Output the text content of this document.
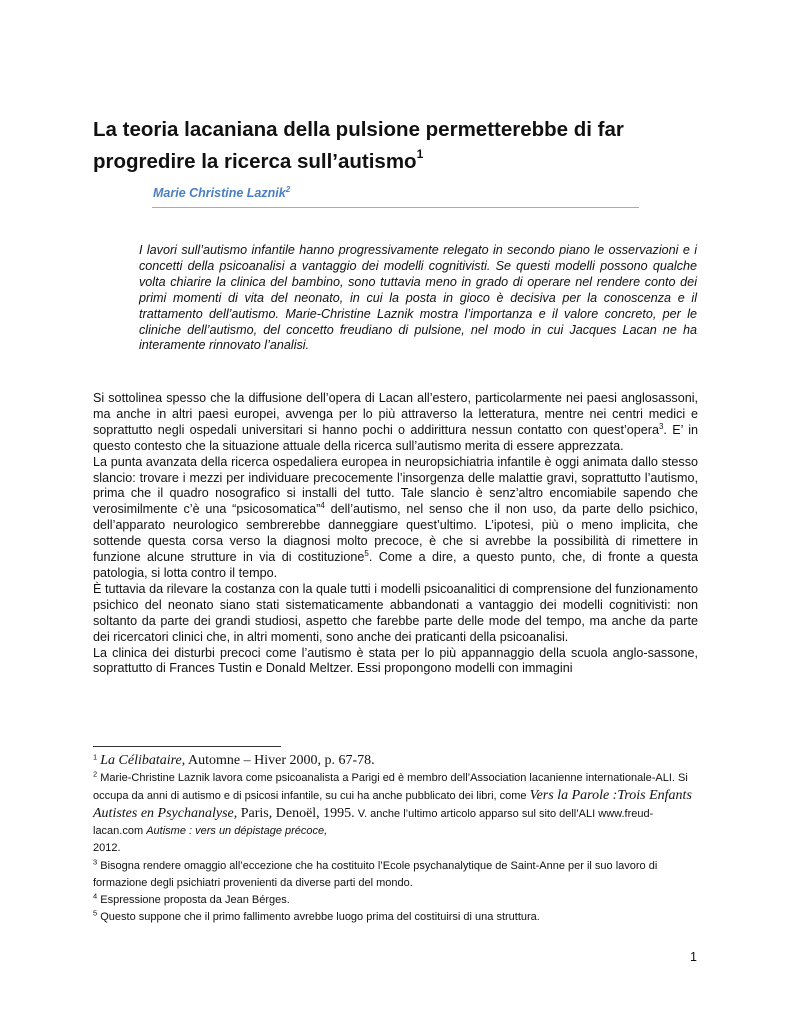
La teoria lacaniana della pulsione permetterebbe di far
progredire la ricerca sull’autismo$^1$
Marie Christine Laznik$^2$

I lavori sull’autismo infantile hanno progressivamente relegato in secondo piano le osservazioni e i concetti della psicoanalisi a vantaggio dei modelli cognitivisti. Se questi modelli possono qualche volta chiarire la clinica del bambino, sono tuttavia meno in grado di operare nel rendere conto dei primi momenti di vita del neonato, in cui la posta in gioco è decisiva per la conoscenza e il trattamento dell’autismo. Marie-Christine Laznik mostra l’importanza e il valore concreto, per le cliniche dell’autismo, del concetto freudiano di pulsione, nel modo in cui Jacques Lacan ne ha interamente rinnovato l’analisi.

Si sottolinea spesso che la diffusione dell’opera di Lacan all’estero, particolarmente nei paesi anglosassoni, ma anche in altri paesi europei, avvenga per lo più attraverso la letteratura, mentre nei centri medici e soprattutto negli ospedali universitari si hanno pochi o addirittura nessun contatto con quest’opera$^3$. E’ in questo contesto che la situazione attuale della ricerca sull’autismo merita di essere apprezzata.

La punta avanzata della ricerca ospedaliera europea in neuropsichiatria infantile è oggi animata dallo stesso slancio: trovare i mezzi per individuare precocemente l’insorgenza delle malattie gravi, soprattutto l’autismo, prima che il quadro nosografico si installi del tutto. Tale slancio è senz’altro encomiabile sapendo che verosimilmente c’è una “psicosomatica”$^4$ dell’autismo, nel senso che il non uso, da parte dello psichico, dell’apparato neurologico sembrerebbe danneggiare quest’ultimo. L’ipotesi, più o meno implicita, che sottende questa corsa verso la diagnosi molto precoce, è che si avrebbe la possibilità di rimettere in funzione alcune strutture in via di costituzione$^5$. Come a dire, a questo punto, che, di fronte a questa patologia, si lotta contro il tempo.

È tuttavia da rilevare la costanza con la quale tutti i modelli psicoanalitici di comprensione del funzionamento psichico del neonato siano stati sistematicamente abbandonati a vantaggio dei modelli cognitivisti: non soltanto da parte dei grandi studiosi, aspetto che farebbe parte delle mode del tempo, ma anche da parte dei ricercatori clinici che, in altri momenti, sono anche dei praticanti della psicoanalisi.

La clinica dei disturbi precoci come l’autismo è stata per lo più appannaggio della scuola anglo-sassone, soprattutto di Frances Tustin e Donald Meltzer. Essi propongono modelli con immagini

$^1$ La Célibataire, Automne – Hiver 2000, p. 67-78.

$^2$ Marie-Christine Laznik lavora come psicoanalista a Parigi ed è membro dell’Association lacanienne internationale-ALI. Si occupa da anni di autismo e di psicosi infantile, su cui ha anche pubblicato dei libri, come Vers la Parole :Trois Enfants Autistes en Psychanalyse, Paris, Denoël, 1995. V. anche l’ultimo articolo apparso sul sito dell’ALI www.freud-lacan.com Autisme : vers un dépistage précoce,
2012.

$^3$ Bisogna rendere omaggio all’eccezione che ha costituito l’Ecole psychanalytique de Saint-Anne per il suo lavoro di formazione degli psichiatri provenienti da diverse parti del mondo.

$^4$ Espressione proposta da Jean Bérges.

$^5$ Questo suppone che il primo fallimento avrebbe luogo prima del costituirsi di una struttura.

1
